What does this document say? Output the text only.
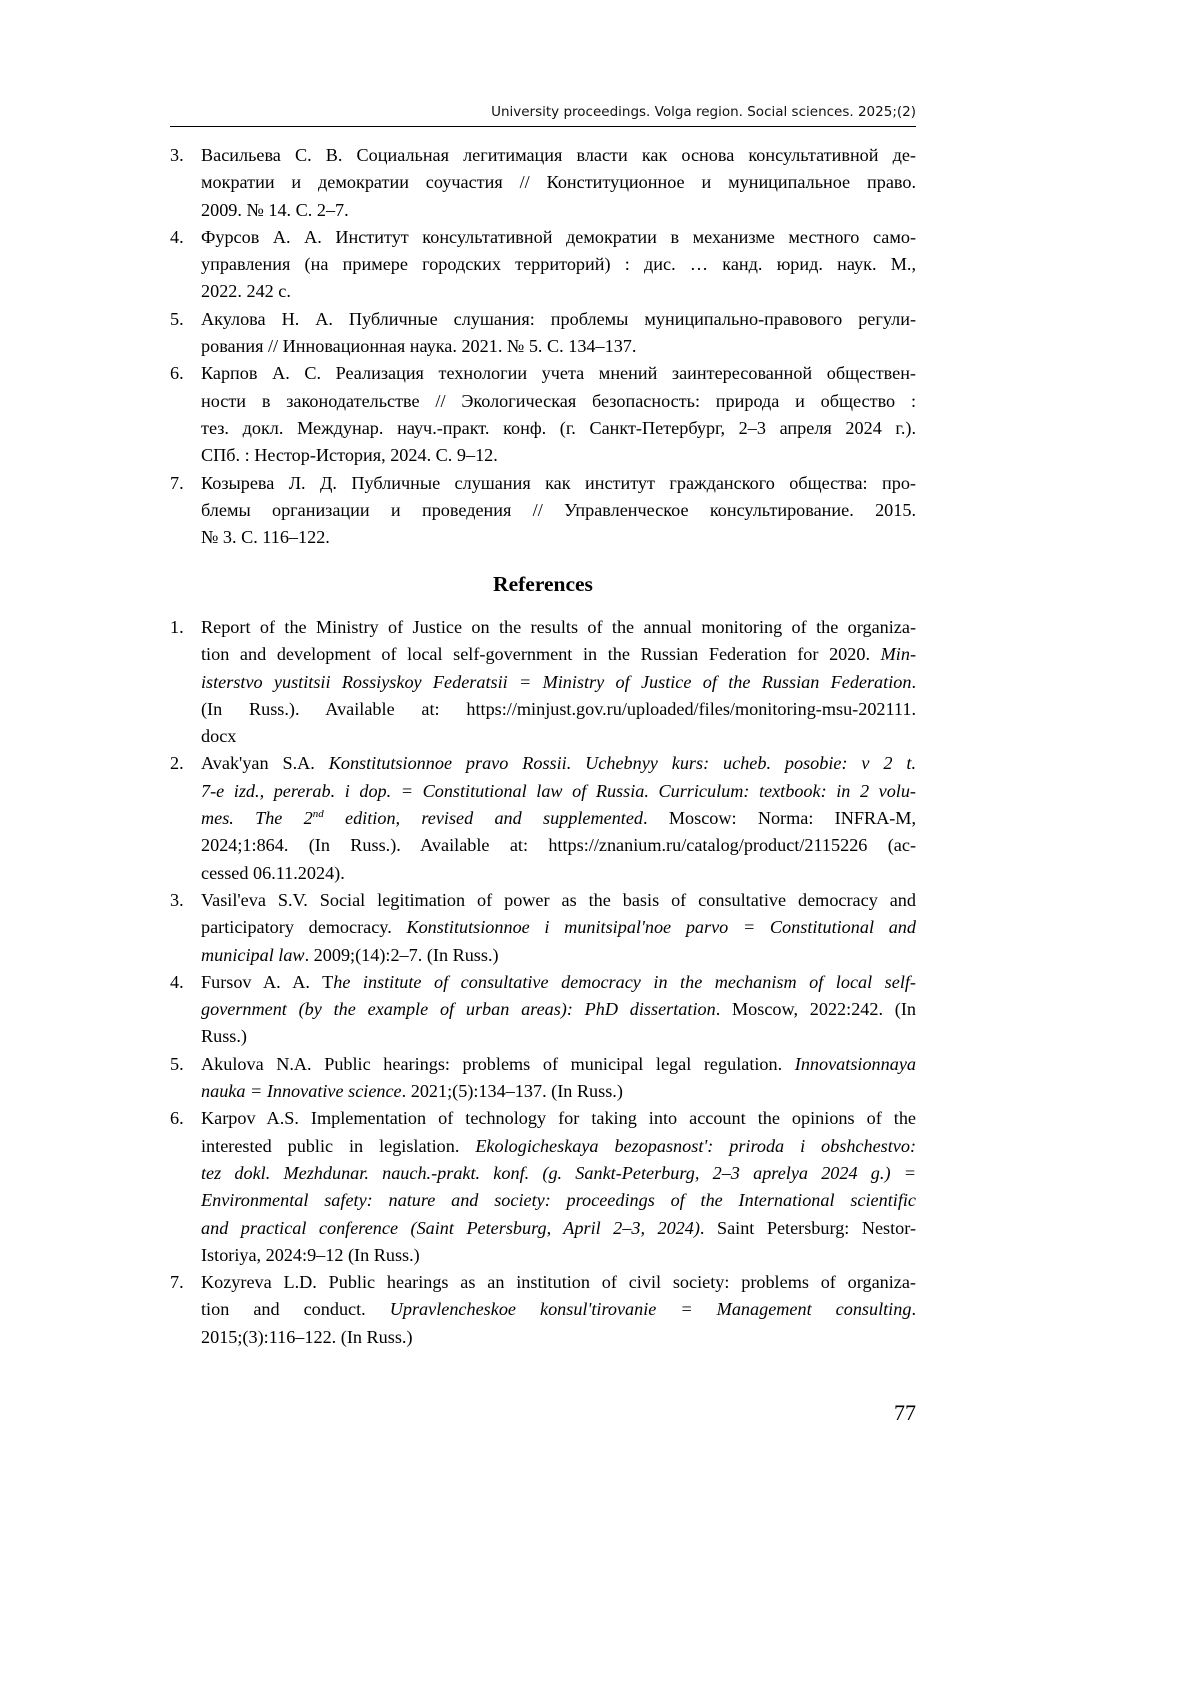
University proceedings. Volga region. Social sciences. 2025;(2)
3. Васильева С. В. Социальная легитимация власти как основа консультативной де-
мократии и демократии соучастия // Конституционное и муниципальное право.
2009. № 14. С. 2–7.
4. Фурсов А. А. Институт консультативной демократии в механизме местного само-
управления (на примере городских территорий) : дис. … канд. юрид. наук. М.,
2022. 242 с.
5. Акулова Н. А. Публичные слушания: проблемы муниципально-правового регули-
рования // Инновационная наука. 2021. № 5. С. 134–137.
6. Карпов А. С. Реализация технологии учета мнений заинтересованной обществен-
ности в законодательстве // Экологическая безопасность: природа и общество :
тез. докл. Междунар. науч.-практ. конф. (г. Санкт-Петербург, 2–3 апреля 2024 г.).
СПб. : Нестор-История, 2024. С. 9–12.
7. Козырева Л. Д. Публичные слушания как институт гражданского общества: про-
блемы организации и проведения // Управленческое консультирование. 2015.
№ 3. С. 116–122.
References
1. Report of the Ministry of Justice on the results of the annual monitoring of the organiza-
tion and development of local self-government in the Russian Federation for 2020. Min-
isterstvo yustitsii Rossiyskoy Federatsii = Ministry of Justice of the Russian Federation.
(In Russ.). Available at: https://minjust.gov.ru/uploaded/files/monitoring-msu-202111.
docx
2. Avak'yan S.A. Konstitutsionnoe pravo Rossii. Uchebnyy kurs: ucheb. posobie: v 2 t.
7-e izd., pererab. i dop. = Constitutional law of Russia. Curriculum: textbook: in 2 volu-
mes. The 2nd edition, revised and supplemented. Moscow: Norma: INFRA-M,
2024;1:864. (In Russ.). Available at: https://znanium.ru/catalog/product/2115226 (ac-
cessed 06.11.2024).
3. Vasil'eva S.V. Social legitimation of power as the basis of consultative democracy and
participatory democracy. Konstitutsionnoe i munitsipal'noe parvo = Constitutional and
municipal law. 2009;(14):2–7. (In Russ.)
4. Fursov A. A. The institute of consultative democracy in the mechanism of local self-
government (by the example of urban areas): PhD dissertation. Moscow, 2022:242. (In
Russ.)
5. Akulova N.A. Public hearings: problems of municipal legal regulation. Innovatsionnaya
nauka = Innovative science. 2021;(5):134–137. (In Russ.)
6. Karpov A.S. Implementation of technology for taking into account the opinions of the
interested public in legislation. Ekologicheskaya bezopasnost': priroda i obshchestvo:
tez dokl. Mezhdunar. nauch.-prakt. konf. (g. Sankt-Peterburg, 2–3 aprelya 2024 g.) =
Environmental safety: nature and society: proceedings of the International scientific
and practical conference (Saint Petersburg, April 2–3, 2024). Saint Petersburg: Nestor-
Istoriya, 2024:9–12 (In Russ.)
7. Kozyreva L.D. Public hearings as an institution of civil society: problems of organiza-
tion and conduct. Upravlencheskoe konsul'tirovanie = Management consulting.
2015;(3):116–122. (In Russ.)
77
